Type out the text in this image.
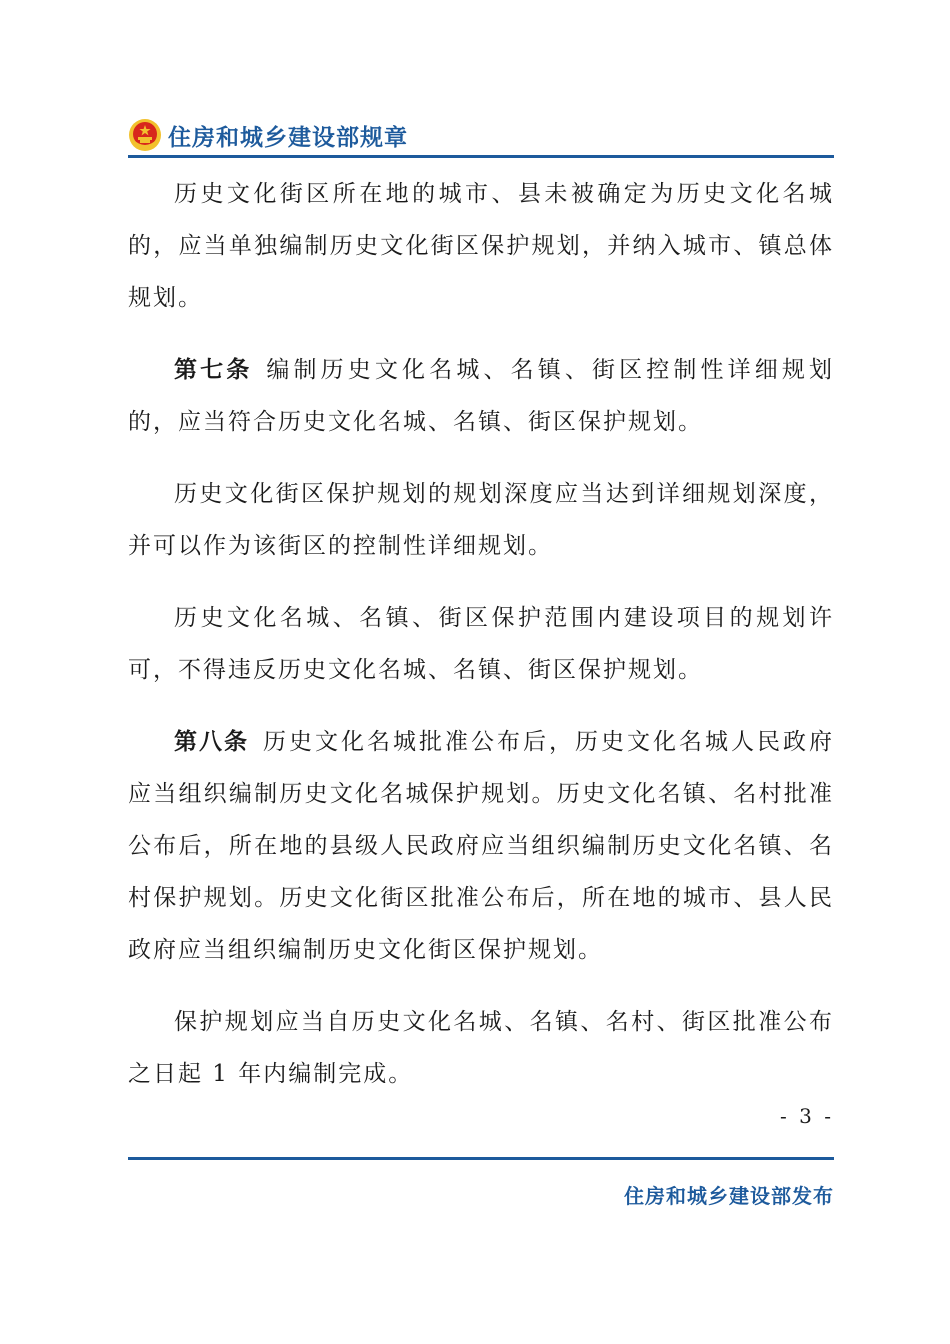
住房和城乡建设部规章

历史文化街区所在地的城市、县未被确定为历史文化名城的，应当单独编制历史文化街区保护规划，并纳入城市、镇总体规划。

第七条 编制历史文化名城、名镇、街区控制性详细规划的，应当符合历史文化名城、名镇、街区保护规划。

历史文化街区保护规划的规划深度应当达到详细规划深度，并可以作为该街区的控制性详细规划。

历史文化名城、名镇、街区保护范围内建设项目的规划许可，不得违反历史文化名城、名镇、街区保护规划。

第八条 历史文化名城批准公布后，历史文化名城人民政府应当组织编制历史文化名城保护规划。历史文化名镇、名村批准公布后，所在地的县级人民政府应当组织编制历史文化名镇、名村保护规划。历史文化街区批准公布后，所在地的城市、县人民政府应当组织编制历史文化街区保护规划。

保护规划应当自历史文化名城、名镇、名村、街区批准公布之日起 1 年内编制完成。

- 3 -
住房和城乡建设部发布
